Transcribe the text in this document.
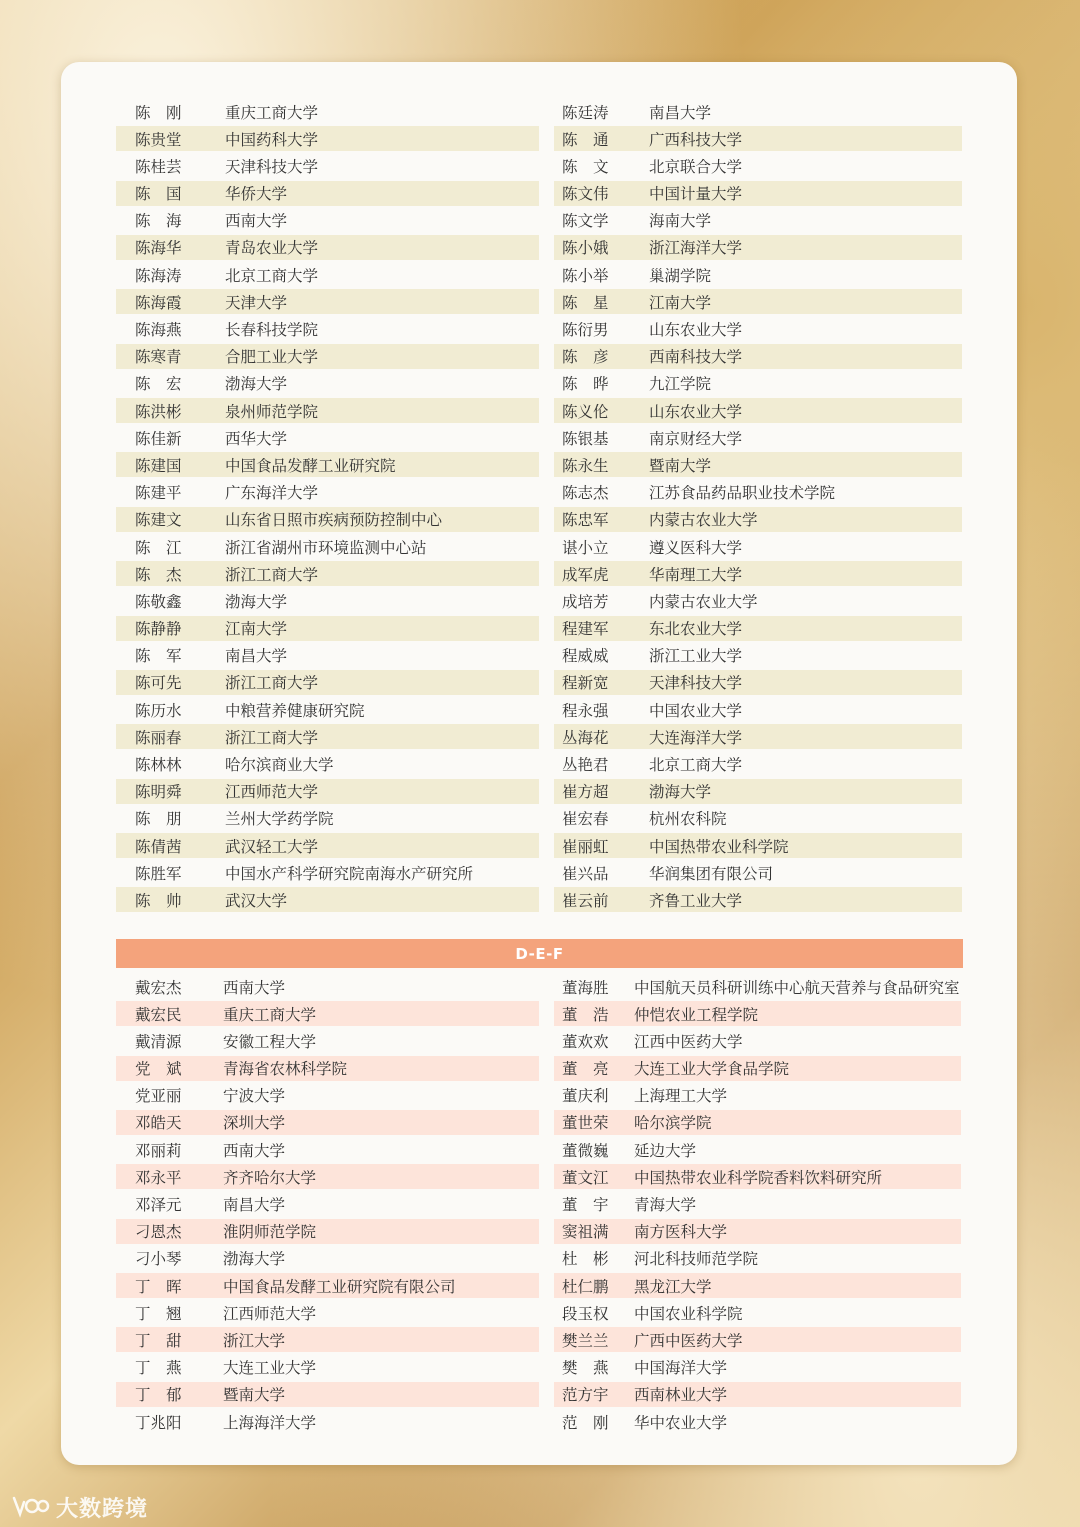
陈　刚	重庆工商大学
陈贵堂	中国药科大学
陈桂芸	天津科技大学
陈　国	华侨大学
陈　海	西南大学
陈海华	青岛农业大学
陈海涛	北京工商大学
陈海霞	天津大学
陈海燕	长春科技学院
陈寒青	合肥工业大学
陈　宏	渤海大学
陈洪彬	泉州师范学院
陈佳新	西华大学
陈建国	中国食品发酵工业研究院
陈建平	广东海洋大学
陈建文	山东省日照市疾病预防控制中心
陈　江	浙江省湖州市环境监测中心站
陈　杰	浙江工商大学
陈敬鑫	渤海大学
陈静静	江南大学
陈　军	南昌大学
陈可先	浙江工商大学
陈历水	中粮营养健康研究院
陈丽春	浙江工商大学
陈林林	哈尔滨商业大学
陈明舜	江西师范大学
陈　朋	兰州大学药学院
陈倩茜	武汉轻工大学
陈胜军	中国水产科学研究院南海水产研究所
陈　帅	武汉大学
陈廷涛	南昌大学
陈　通	广西科技大学
陈　文	北京联合大学
陈文伟	中国计量大学
陈文学	海南大学
陈小娥	浙江海洋大学
陈小举	巢湖学院
陈　星	江南大学
陈衍男	山东农业大学
陈　彦	西南科技大学
陈　晔	九江学院
陈义伦	山东农业大学
陈银基	南京财经大学
陈永生	暨南大学
陈志杰	江苏食品药品职业技术学院
陈忠军	内蒙古农业大学
谌小立	遵义医科大学
成军虎	华南理工大学
成培芳	内蒙古农业大学
程建军	东北农业大学
程威威	浙江工业大学
程新宽	天津科技大学
程永强	中国农业大学
丛海花	大连海洋大学
丛艳君	北京工商大学
崔方超	渤海大学
崔宏春	杭州农科院
崔丽虹	中国热带农业科学院
崔兴品	华润集团有限公司
崔云前	齐鲁工业大学
D-E-F
戴宏杰	西南大学
戴宏民	重庆工商大学
戴清源	安徽工程大学
党　斌	青海省农林科学院
党亚丽	宁波大学
邓皓天	深圳大学
邓丽莉	西南大学
邓永平	齐齐哈尔大学
邓泽元	南昌大学
刁恩杰	淮阴师范学院
刁小琴	渤海大学
丁　晖	中国食品发酵工业研究院有限公司
丁　翘	江西师范大学
丁　甜	浙江大学
丁　燕	大连工业大学
丁　郁	暨南大学
丁兆阳	上海海洋大学
董海胜	中国航天员科研训练中心航天营养与食品研究室
董　浩	仲恺农业工程学院
董欢欢	江西中医药大学
董　亮	大连工业大学食品学院
董庆利	上海理工大学
董世荣	哈尔滨学院
董微巍	延边大学
董文江	中国热带农业科学院香料饮料研究所
董　宇	青海大学
窦祖满	南方医科大学
杜　彬	河北科技师范学院
杜仁鹏	黑龙江大学
段玉权	中国农业科学院
樊兰兰	广西中医药大学
樊　燕	中国海洋大学
范方宇	西南林业大学
范　刚	华中农业大学
大数跨境
